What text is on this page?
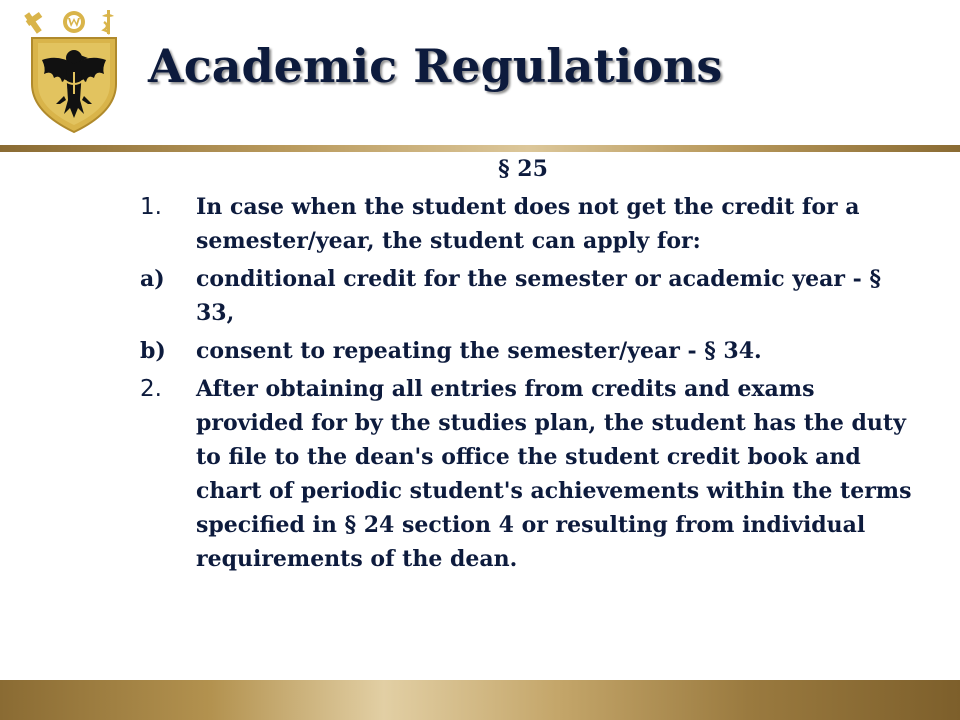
Academic Regulations
§ 25
1.	In case when the student does not get the credit for a semester/year, the student can apply for:
a)	conditional credit for the semester or academic year - § 33,
b)	consent to repeating the semester/year - § 34.
2.	After obtaining all entries from credits and exams provided for by the studies plan, the student has the duty to file to the dean's office the student credit book and chart of periodic student's achievements within the terms specified in § 24 section 4 or resulting from individual requirements of the dean.
